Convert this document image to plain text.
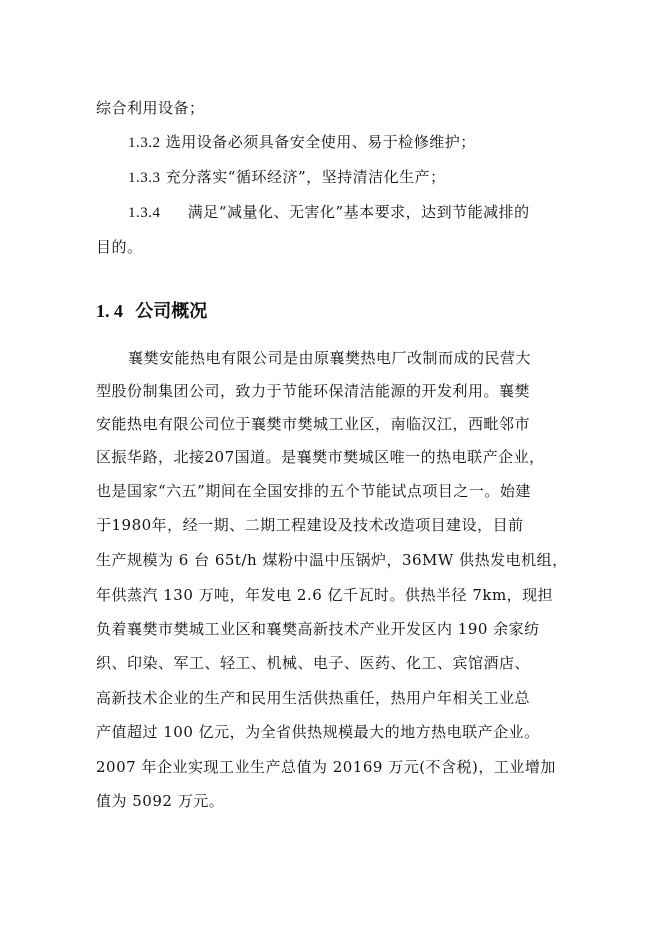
综合利用设备；
1.3.2 选用设备必须具备安全使用、易于检修维护；
1.3.3 充分落实“循环经济”，坚持清洁化生产；
1.3.4 满足“减量化、无害化”基本要求，达到节能减排的
目的。
1. 4 公司概况
襄樊安能热电有限公司是由原襄樊热电厂改制而成的民营大
型股份制集团公司，致力于节能环保清洁能源的开发利用。襄樊
安能热电有限公司位于襄樊市樊城工业区，南临汉江，西毗邻市
区振华路，北接207国道。是襄樊市樊城区唯一的热电联产企业，
也是国家“六五”期间在全国安排的五个节能试点项目之一。始建
于1980年，经一期、二期工程建设及技术改造项目建设，目前
生产规模为 6 台 65t/h 煤粉中温中压锅炉，36MW 供热发电机组，
年供蒸汽 130 万吨，年发电 2.6 亿千瓦时。供热半径 7km，现担
负着襄樊市樊城工业区和襄樊高新技术产业开发区内 190 余家纺
织、印染、军工、轻工、机械、电子、医药、化工、宾馆酒店、
高新技术企业的生产和民用生活供热重任，热用户年相关工业总
产值超过 100 亿元，为全省供热规模最大的地方热电联产企业。
2007 年企业实现工业生产总值为 20169 万元(不含税)，工业增加
值为 5092 万元。
